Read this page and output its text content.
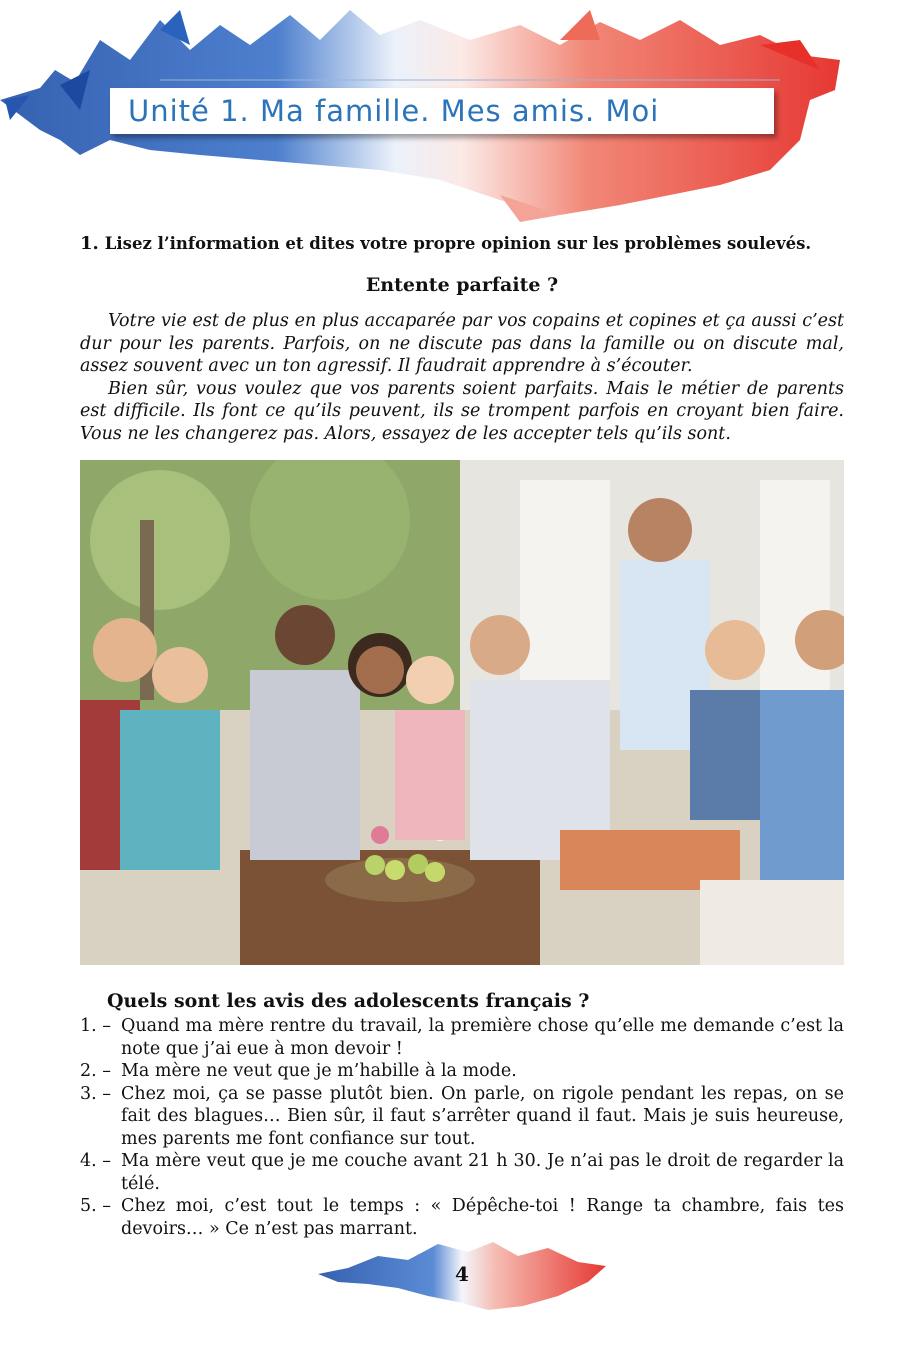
Unité 1. Ma famille. Mes amis. Moi
1. Lisez l’information et dites votre propre opinion sur les problèmes soulevés.
Entente parfaite ?

Votre vie est de plus en plus accaparée par vos copains et copines et ça aussi c’est dur pour les parents. Parfois, on ne discute pas dans la famille ou on discute mal, assez souvent avec un ton agressif. Il faudrait apprendre à s’écouter.

Bien sûr, vous voulez que vos parents soient parfaits. Mais le métier de parents est difficile. Ils font ce qu’ils peuvent, ils se trompent parfois en croyant bien faire. Vous ne les changerez pas. Alors, essayez de les accepter tels qu’ils sont.

Quels sont les avis des adolescents français ?
1. – Quand ma mère rentre du travail, la première chose qu’elle me demande c’est la note que j’ai eue à mon devoir !
2. – Ma mère ne veut que je m’habille à la mode.
3. – Chez moi, ça se passe plutôt bien. On parle, on rigole pendant les repas, on se fait des blagues… Bien sûr, il faut s’arrêter quand il faut. Mais je suis heureuse, mes parents me font confiance sur tout.
4. – Ma mère veut que je me couche avant 21 h 30. Je n’ai pas le droit de regarder la télé.
5. – Chez moi, c’est tout le temps : « Dépêche-toi ! Range ta chambre, fais tes devoirs… » Ce n’est pas marrant.
4
